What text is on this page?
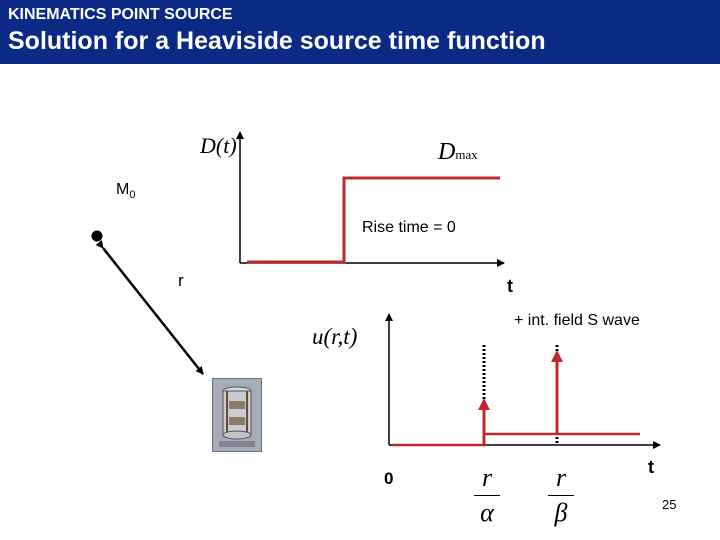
KINEMATICS POINT SOURCE
Solution for a Heaviside source time function
D(t)	Dmax
$M_0$
Rise time = 0
r	t
+ int. field S wave
u(r,t)
0
t
r
α
r
β	25
